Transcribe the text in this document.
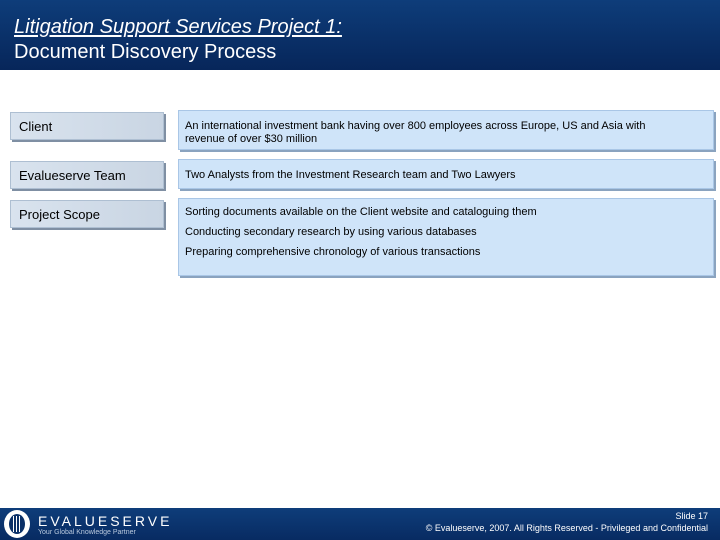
Litigation Support Services Project 1:
Document Discovery Process
Client	An international investment bank having over 800 employees across Europe, US and Asia with

revenue of over $30 million

Evalueserve Team	Two Analysts from the Investment Research team and Two Lawyers

Project Scope	Sorting documents available on the Client website and cataloguing them

Conducting secondary research by using various databases

Preparing comprehensive chronology of various transactions

EVALUESERVE
Your Global Knowledge Partner
Slide 17
© Evalueserve, 2007. All Rights Reserved - Privileged and Confidential
